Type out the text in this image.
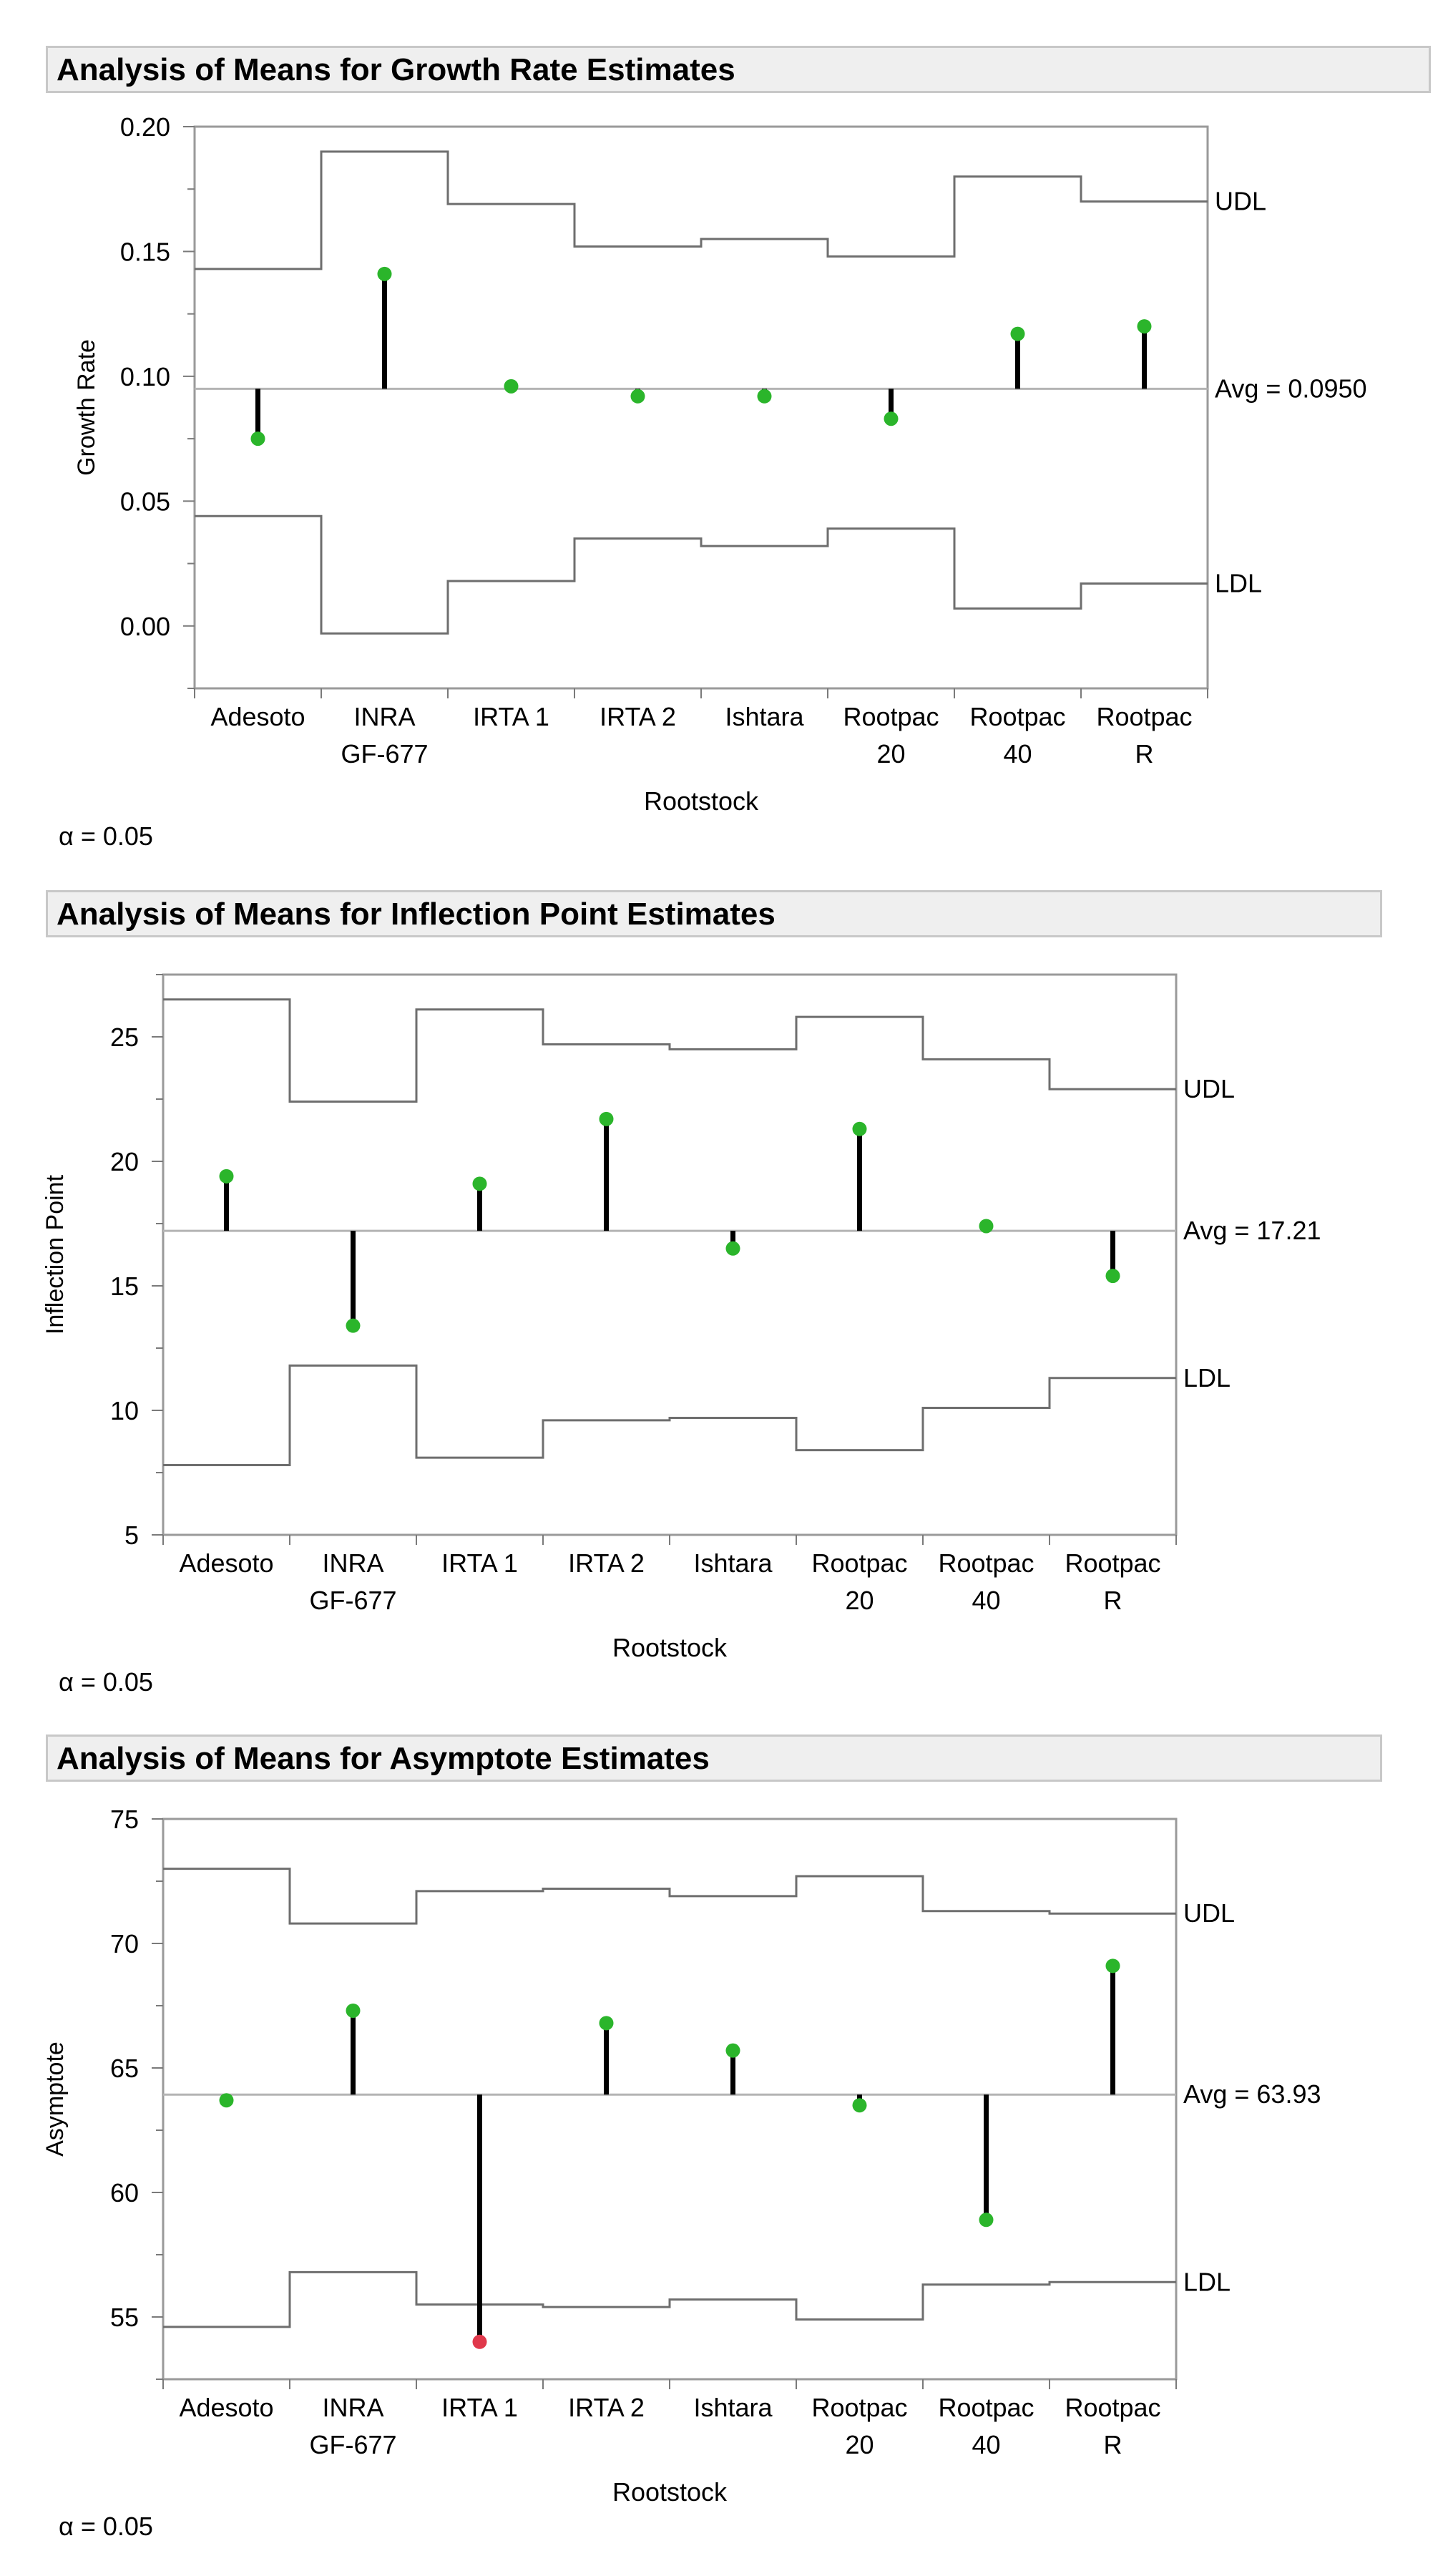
Analysis of Means for Growth Rate Estimates
0.00
0.05
0.10
0.15
0.20
Growth Rate
Adesoto INRA
GF-677
IRTA 1 IRTA 2 Ishtara Rootpac
20
Rootpac
40
Rootpac
R
Rootstock
UDL
Avg = 0.0950
LDL
α = 0.05
Analysis of Means for Inflection Point Estimates
5
10
15
20
25
Inflection Point
Adesoto INRA
GF-677
IRTA 1 IRTA 2 Ishtara Rootpac
20
Rootpac
40
Rootpac
R
Rootstock
UDL
Avg = 17.21
LDL
α = 0.05
Analysis of Means for Asymptote Estimates
55
60
65
70
75
Asymptote
Adesoto INRA
GF-677
IRTA 1 IRTA 2 Ishtara Rootpac
20
Rootpac
40
Rootpac
R
Rootstock
UDL
Avg = 63.93
LDL
α = 0.05
